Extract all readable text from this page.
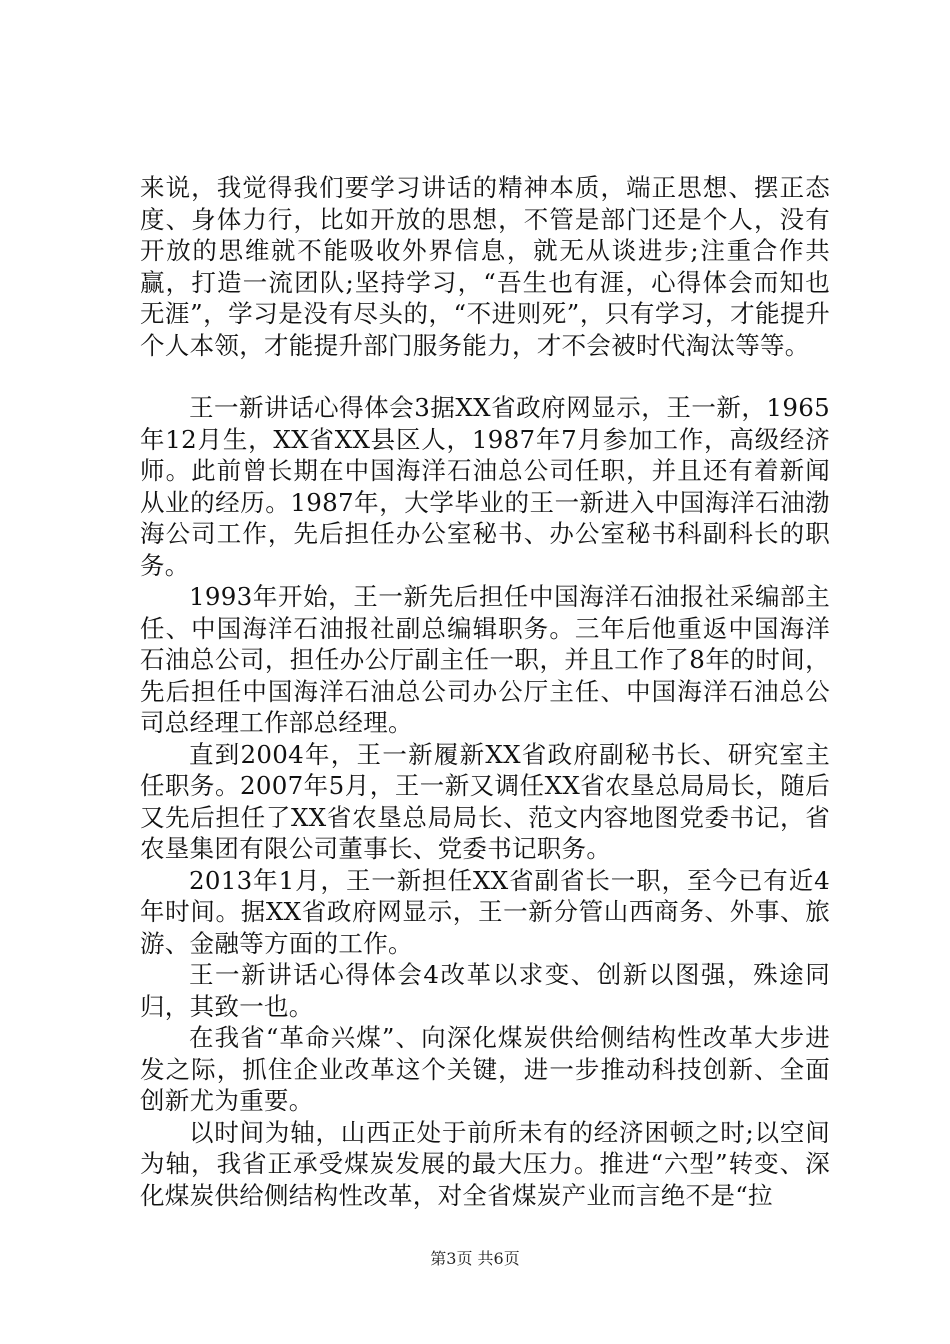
来说，我觉得我们要学习讲话的精神本质，端正思想、摆正态度、身体力行，比如开放的思想，不管是部门还是个人，没有开放的思维就不能吸收外界信息，就无从谈进步;注重合作共赢，打造一流团队;坚持学习，“吾生也有涯，心得体会而知也无涯”，学习是没有尽头的，“不进则死”，只有学习，才能提升个人本领，才能提升部门服务能力，才不会被时代淘汰等等。

王一新讲话心得体会3据XX省政府网显示，王一新，1965年12月生，XX省XX县区人，1987年7月参加工作，高级经济师。此前曾长期在中国海洋石油总公司任职，并且还有着新闻从业的经历。1987年，大学毕业的王一新进入中国海洋石油渤海公司工作，先后担任办公室秘书、办公室秘书科副科长的职务。

1993年开始，王一新先后担任中国海洋石油报社采编部主任、中国海洋石油报社副总编辑职务。三年后他重返中国海洋石油总公司，担任办公厅副主任一职，并且工作了8年的时间，先后担任中国海洋石油总公司办公厅主任、中国海洋石油总公司总经理工作部总经理。

直到2004年，王一新履新XX省政府副秘书长、研究室主任职务。2007年5月，王一新又调任XX省农垦总局局长，随后又先后担任了XX省农垦总局局长、范文内容地图党委书记，省农垦集团有限公司董事长、党委书记职务。

2013年1月，王一新担任XX省副省长一职，至今已有近4年时间。据XX省政府网显示，王一新分管山西商务、外事、旅游、金融等方面的工作。

王一新讲话心得体会4改革以求变、创新以图强，殊途同归，其致一也。

在我省“革命兴煤”、向深化煤炭供给侧结构性改革大步进发之际，抓住企业改革这个关键，进一步推动科技创新、全面创新尤为重要。

以时间为轴，山西正处于前所未有的经济困顿之时;以空间为轴，我省正承受煤炭发展的最大压力。推进“六型”转变、深化煤炭供给侧结构性改革，对全省煤炭产业而言绝不是“拉

第3页 共6页
